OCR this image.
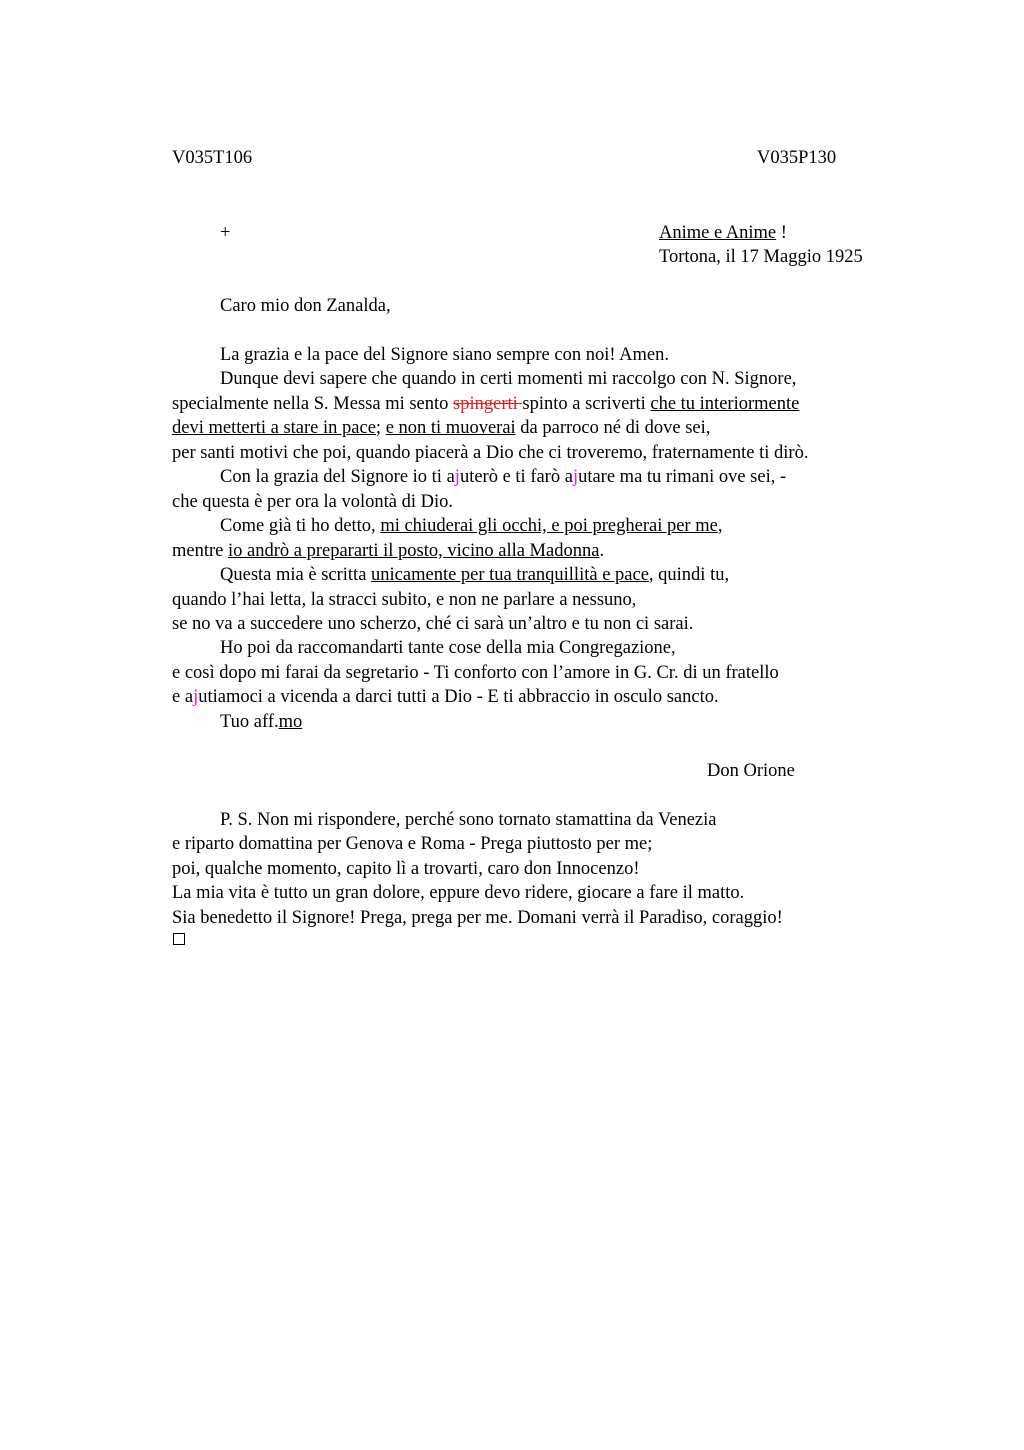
V035T106	V035P130
+	Anime e Anime !
Tortona, il 17 Maggio 1925
Caro mio don Zanalda,
La grazia e la pace del Signore siano sempre con noi! Amen.
Dunque devi sapere che quando in certi momenti mi raccolgo con N. Signore,
specialmente nella S. Messa mi sento spingerti spinto a scriverti che tu interiormente
devi metterti a stare in pace; e non ti muoverai da parroco né di dove sei,
per santi motivi che poi, quando piacerà a Dio che ci troveremo, fraternamente ti dirò.
Con la grazia del Signore io ti ajuterò e ti farò ajutare ma tu rimani ove sei, -
che questa è per ora la volontà di Dio.
Come già ti ho detto, mi chiuderai gli occhi, e poi pregherai per me,
mentre io andrò a prepararti il posto, vicino alla Madonna.
Questa mia è scritta unicamente per tua tranquillità e pace, quindi tu,
quando l’hai letta, la stracci subito, e non ne parlare a nessuno,
se no va a succedere uno scherzo, ché ci sarà un’altro e tu non ci sarai.
Ho poi da raccomandarti tante cose della mia Congregazione,
e così dopo mi farai da segretario - Ti conforto con l’amore in G. Cr. di un fratello
e ajutiamoci a vicenda a darci tutti a Dio - E ti abbraccio in osculo sancto.
Tuo aff.mo
Don Orione
P. S. Non mi rispondere, perché sono tornato stamattina da Venezia
e riparto domattina per Genova e Roma - Prega piuttosto per me;
poi, qualche momento, capito lì a trovarti, caro don Innocenzo!
La mia vita è tutto un gran dolore, eppure devo ridere, giocare a fare il matto.
Sia benedetto il Signore! Prega, prega per me. Domani verrà il Paradiso, coraggio!
